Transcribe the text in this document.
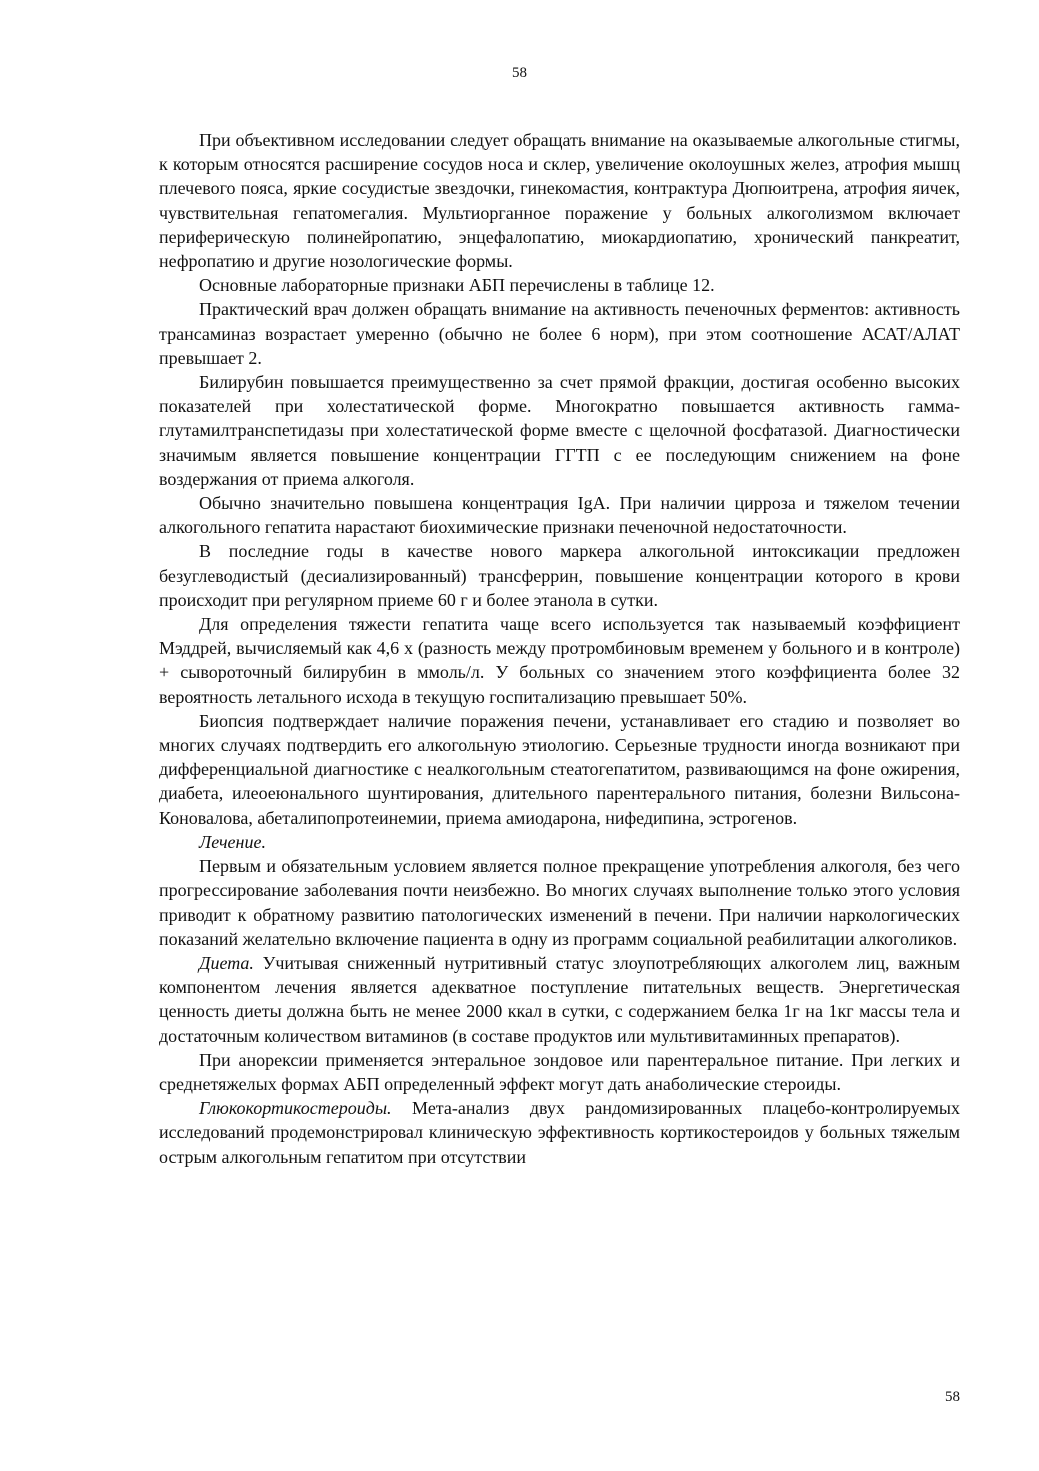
58

При объективном исследовании следует обращать внимание на оказываемые алкогольные стигмы, к которым относятся расширение сосудов носа и склер, увеличение околоушных желез, атрофия мышц плечевого пояса, яркие сосудистые звездочки, гинекомастия, контрактура Дюпюитрена, атрофия яичек, чувствительная гепатомегалия. Мультиорганное поражение у больных алкоголизмом включает периферическую полинейропатию, энцефалопатию, миокардиопатию, хронический панкреатит, нефропатию и другие нозологические формы.

Основные лабораторные признаки АБП перечислены в таблице 12.

Практический врач должен обращать внимание на активность печеночных ферментов: активность трансаминаз возрастает умеренно (обычно не более 6 норм), при этом соотношение АСАТ/АЛАТ превышает 2.

Билирубин повышается преимущественно за счет прямой фракции, достигая особенно высоких показателей при холестатической форме. Многократно повышается активность гамма-глутамилтранспетидазы при холестатической форме вместе с щелочной фосфатазой. Диагностически значимым является повышение концентрации ГГТП с ее последующим снижением на фоне воздержания от приема алкоголя.

Обычно значительно повышена концентрация IgA. При наличии цирроза и тяжелом течении алкогольного гепатита нарастают биохимические признаки печеночной недостаточности.

В последние годы в качестве нового маркера алкогольной интоксикации предложен безуглеводистый (десиализированный) трансферрин, повышение концентрации которого в крови происходит при регулярном приеме 60 г и более этанола в сутки.

Для определения тяжести гепатита чаще всего используется так называемый коэффициент Мэддрей, вычисляемый как 4,6 х (разность между протромбиновым временем у больного и в контроле) + сывороточный билирубин в ммоль/л. У больных со значением этого коэффициента более 32 вероятность летального исхода в текущую госпитализацию превышает 50%.

Биопсия подтверждает наличие поражения печени, устанавливает его стадию и позволяет во многих случаях подтвердить его алкогольную этиологию. Серьезные трудности иногда возникают при дифференциальной диагностике с неалкогольным стеатогепатитом, развивающимся на фоне ожирения, диабета, илеоеюнального шунтирования, длительного парентерального питания, болезни Вильсона-Коновалова, абеталипопротеинемии, приема амиодарона, нифедипина, эстрогенов.

Лечение.

Первым и обязательным условием является полное прекращение употребления алкоголя, без чего прогрессирование заболевания почти неизбежно. Во многих случаях выполнение только этого условия приводит к обратному развитию патологических изменений в печени. При наличии наркологических показаний желательно включение пациента в одну из программ социальной реабилитации алкоголиков.

Диета. Учитывая сниженный нутритивный статус злоупотребляющих алкоголем лиц, важным компонентом лечения является адекватное поступление питательных веществ. Энергетическая ценность диеты должна быть не менее 2000 ккал в сутки, с содержанием белка 1г на 1кг массы тела и достаточным количеством витаминов (в составе продуктов или мультивитаминных препаратов).

При анорексии применяется энтеральное зондовое или парентеральное питание. При легких и среднетяжелых формах АБП определенный эффект могут дать анаболические стероиды.

Глюкокортикостероиды. Мета-анализ двух рандомизированных плацебо-контролируемых исследований продемонстрировал клиническую эффективность кортикостероидов у больных тяжелым острым алкогольным гепатитом при отсутствии

58
